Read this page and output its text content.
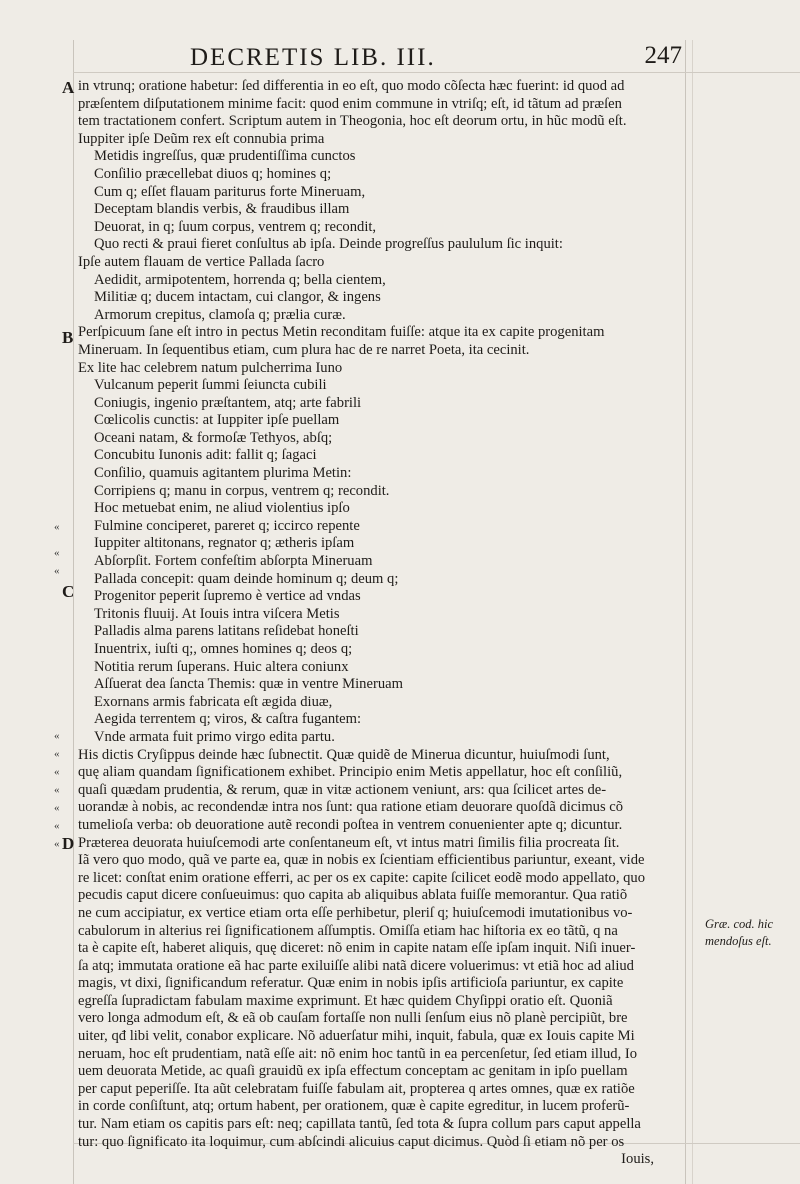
DECRETIS LIB. III.	247
A
B
C
D
«
«
«
«
«
«
«
«
«
«
in vtrunq; oratione habetur: ſed differentia in eo eſt, quo modo cõſecta hæc fuerint: id quod ad
præſentem diſputationem minime facit: quod enim commune in vtriſq; eſt, id tãtum ad præſen
tem tractationem confert. Scriptum autem in Theogonia, hoc eſt deorum ortu, in hũc modũ eſt.
Iuppiter ipſe Deũm rex eſt connubia prima
Metidis ingreſſus, quæ prudentiſſima cunctos
Conſilio præcellebat diuos q; homines q;
Cum q; eſſet flauam pariturus forte Mineruam,
Deceptam blandis verbis, & fraudibus illam
Deuorat, in q; ſuum corpus, ventrem q; recondit,
Quo recti & praui fieret conſultus ab ipſa. Deinde progreſſus paululum ſic inquit:
Ipſe autem flauam de vertice Pallada ſacro
Aedidit, armipotentem, horrenda q; bella cientem,
Militiæ q; ducem intactam, cui clangor, & ingens
Armorum crepitus, clamoſa q; prælia curæ.
Perſpicuum ſane eſt intro in pectus Metin reconditam fuiſſe: atque ita ex capite progenitam
Mineruam. In ſequentibus etiam, cum plura hac de re narret Poeta, ita cecinit.
Ex lite hac celebrem natum pulcherrima Iuno
Vulcanum peperit ſummi ſeiuncta cubili
Coniugis, ingenio præſtantem, atq; arte fabrili
Cœlicolis cunctis: at Iuppiter ipſe puellam
Oceani natam, & formoſæ Tethyos, abſq;
Concubitu Iunonis adit: fallit q; ſagaci
Conſilio, quamuis agitantem plurima Metin:
Corripiens q; manu in corpus, ventrem q; recondit.
Hoc metuebat enim, ne aliud violentius ipſo
Fulmine conciperet, pareret q; iccirco repente
Iuppiter altitonans, regnator q; ætheris ipſam
Abſorpſit. Fortem confeſtim abſorpta Mineruam
Pallada concepit: quam deinde hominum q; deum q;
Progenitor peperit ſupremo è vertice ad vndas
Tritonis fluuij. At Iouis intra viſcera Metis
Palladis alma parens latitans reſidebat honeſti
Inuentrix, iuſti q;, omnes homines q; deos q;
Notitia rerum ſuperans. Huic altera coniunx
Aſſuerat dea ſancta Themis: quæ in ventre Mineruam
Exornans armis fabricata eſt ægida diuæ,
Aegida terrentem q; viros, & caſtra fugantem:
Vnde armata fuit primo virgo edita partu.
His dictis Cryſippus deinde hæc ſubnectit. Quæ quidẽ de Minerua dicuntur, huiuſmodi ſunt,
quę aliam quandam ſignificationem exhibet. Principio enim Metis appellatur, hoc eſt conſiliũ,
quaſi quædam prudentia, & rerum, quæ in vitæ actionem veniunt, ars: qua ſcilicet artes de-
uorandæ à nobis, ac recondendæ intra nos ſunt: qua ratione etiam deuorare quoſdã dicimus cõ
tumelioſa verba: ob deuoratione autẽ recondi poſtea in ventrem conuenienter apte q; dicuntur.
Præterea deuorata huiuſcemodi arte conſentaneum eſt, vt intus matri ſimilis filia procreata ſit.
Iã vero quo modo, quã ve parte ea, quæ in nobis ex ſcientiam efficientibus pariuntur, exeant, vide
re licet: conſtat enim oratione efferri, ac per os ex capite: capite ſcilicet eodẽ modo appellato, quo
pecudis caput dicere conſueuimus: quo capita ab aliquibus ablata fuiſſe memorantur. Qua ratiõ
ne cum accipiatur, ex vertice etiam orta eſſe perhibetur, pleriſ q; huiuſcemodi imutationibus vo-
cabulorum in alterius rei ſignificationem aſſumptis. Omiſſa etiam hac hiſtoria ex eo tãtũ, q na
ta è capite eſt, haberet aliquis, quę diceret: nõ enim in capite natam eſſe ipſam inquit. Niſi inuer-
ſa atq; immutata oratione eã hac parte exiluiſſe alibi natã dicere voluerimus: vt etiã hoc ad aliud
magis, vt dixi, ſignificandum referatur. Quæ enim in nobis ipſis artificioſa pariuntur, ex capite
egreſſa ſupradictam fabulam maxime exprimunt. Et hæc quidem Chyſippi oratio eſt. Quoniã
vero longa admodum eſt, & eã ob cauſam fortaſſe non nulli ſenſum eius nõ planè percipiũt, bre
uiter, qđ libi velit, conabor explicare. Nõ aduerſatur mihi, inquit, fabula, quæ ex Iouis capite Mi
neruam, hoc eſt prudentiam, natã eſſe ait: nõ enim hoc tantũ in ea percenſetur, ſed etiam illud, Io
uem deuorata Metide, ac quaſi grauidũ ex ipſa effectum conceptam ac genitam in ipſo puellam
per caput peperiſſe. Ita aũt celebratam fuiſſe fabulam ait, propterea q artes omnes, quæ ex ratiõe
in corde conſiſtunt, atq; ortum habent, per orationem, quæ è capite egreditur, in lucem proferũ-
tur. Nam etiam os capitis pars eſt: neq; capillata tantũ, ſed tota & ſupra collum pars caput appella
tur: quo ſignificato ita loquimur, cum abſcindi alicuius caput dicimus. Quòd ſi etiam nõ per os
Iouis,
Græ. cod. hic
mendoſus eſt.
